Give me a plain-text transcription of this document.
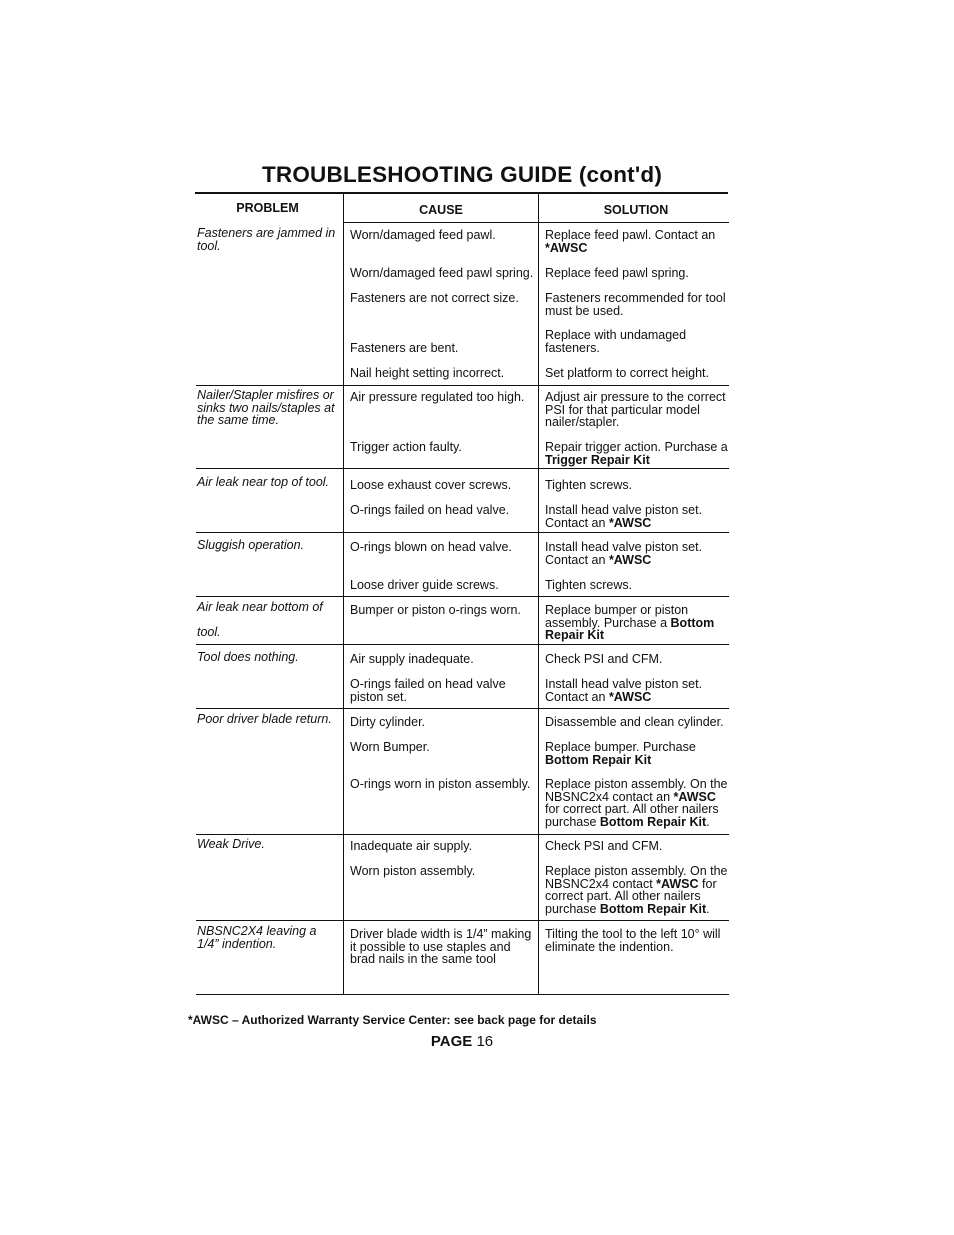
TROUBLESHOOTING GUIDE (cont'd)
PROBLEM	CAUSE	SOLUTION
Fasteners are jammed in tool.
Nailer/Stapler misfires or sinks two nails/staples at the same time.
Air leak near top of tool.
Sluggish operation.
Air leak near bottom of
tool.
Tool does nothing.
Poor driver blade return.
Weak Drive.
NBSNC2X4 leaving a 1/4” indention.
Worn/damaged feed pawl.
Worn/damaged feed pawl spring.
Fasteners are not correct size.
Fasteners are bent.
Nail height setting incorrect.
Air pressure regulated too high.
Trigger action faulty.
Loose exhaust cover screws.
O-rings failed on head valve.
O-rings blown on head valve.
Loose driver guide screws.
Bumper or piston o-rings worn.
Air supply inadequate.
O-rings failed on head valve piston set.
Dirty cylinder.
Worn Bumper.
O-rings worn in piston assembly.
Inadequate air supply.
Worn piston assembly.
Driver blade width is 1/4” making it possible to use staples and brad nails in the same tool
Replace feed pawl. Contact an *AWSC
Replace feed pawl spring.
Fasteners recommended for tool must be used.
Replace with undamaged fasteners.
Set platform to correct height.
Adjust air pressure to the correct PSI for that particular model nailer/stapler.
Repair trigger action. Purchase a Trigger Repair Kit
Tighten screws.
Install head valve piston set. Contact an *AWSC
Install head valve piston set. Contact an *AWSC
Tighten screws.
Replace bumper or piston assembly. Purchase a Bottom Repair Kit
Check PSI and CFM.
Install head valve piston set. Contact an *AWSC
Disassemble and clean cylinder.
Replace bumper. Purchase Bottom Repair Kit
Replace piston assembly. On the NBSNC2x4 contact an *AWSC for correct part. All other nailers purchase Bottom Repair Kit.
Check PSI and CFM.
Replace piston assembly. On the NBSNC2x4 contact *AWSC for correct part. All other nailers purchase Bottom Repair Kit.
Tilting the tool to the left 10° will eliminate the indention.
*AWSC – Authorized Warranty Service Center: see back page for details
PAGE 16
